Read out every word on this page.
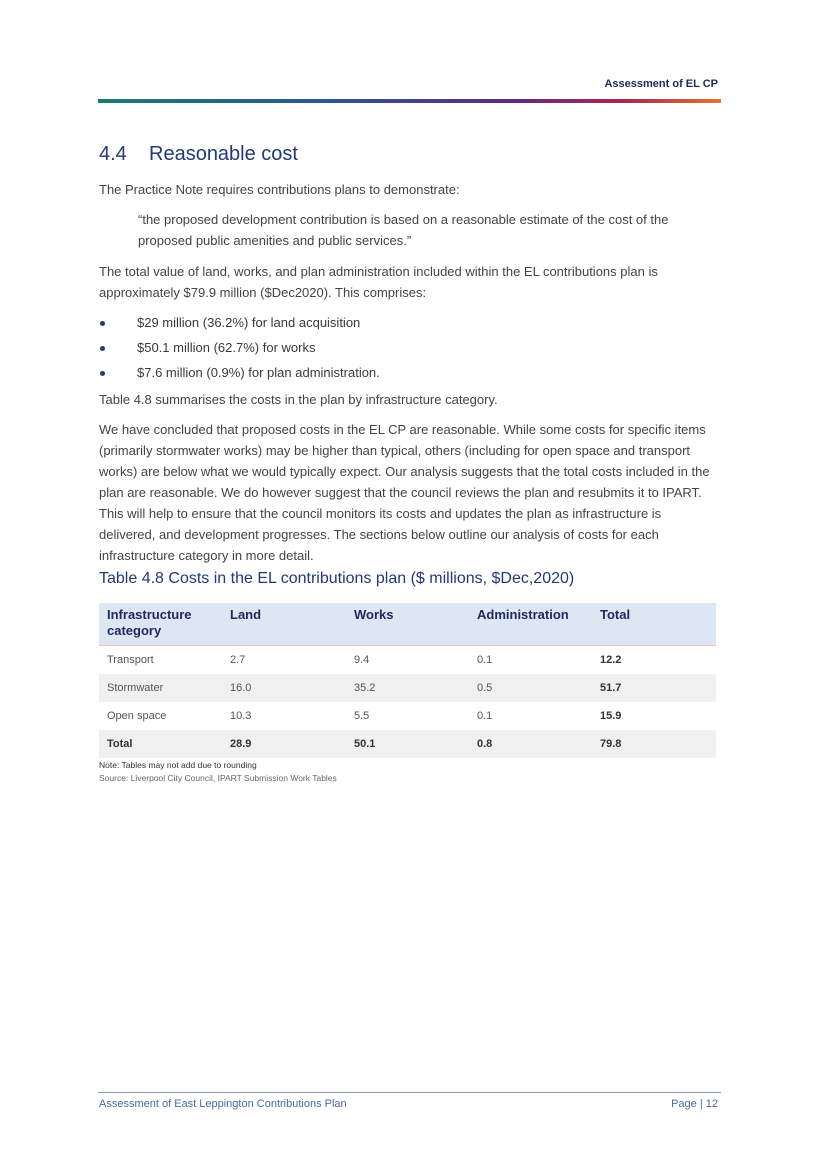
Assessment of EL CP
4.4 Reasonable cost

The Practice Note requires contributions plans to demonstrate:

“the proposed development contribution is based on a reasonable estimate of the cost of the proposed public amenities and public services.”

The total value of land, works, and plan administration included within the EL contributions plan is approximately $79.9 million ($Dec2020). This comprises:

$29 million (36.2%) for land acquisition
$50.1 million (62.7%) for works
$7.6 million (0.9%) for plan administration.

Table 4.8 summarises the costs in the plan by infrastructure category.

We have concluded that proposed costs in the EL CP are reasonable. While some costs for specific items (primarily stormwater works) may be higher than typical, others (including for open space and transport works) are below what we would typically expect. Our analysis suggests that the total costs included in the plan are reasonable. We do however suggest that the council reviews the plan and resubmits it to IPART. This will help to ensure that the council monitors its costs and updates the plan as infrastructure is delivered, and development progresses. The sections below outline our analysis of costs for each infrastructure category in more detail.

Table 4.8 Costs in the EL contributions plan ($ millions, $Dec,2020)
Infrastructure category	Land	Works	Administration	Total
Transport	2.7	9.4	0.1	12.2
Stormwater	16.0	35.2	0.5	51.7
Open space	10.3	5.5	0.1	15.9
Total	28.9	50.1	0.8	79.8
Note: Tables may not add due to rounding
Source: Liverpool City Council, IPART Submission Work Tables
Assessment of East Leppington Contributions Plan	Page | 12
